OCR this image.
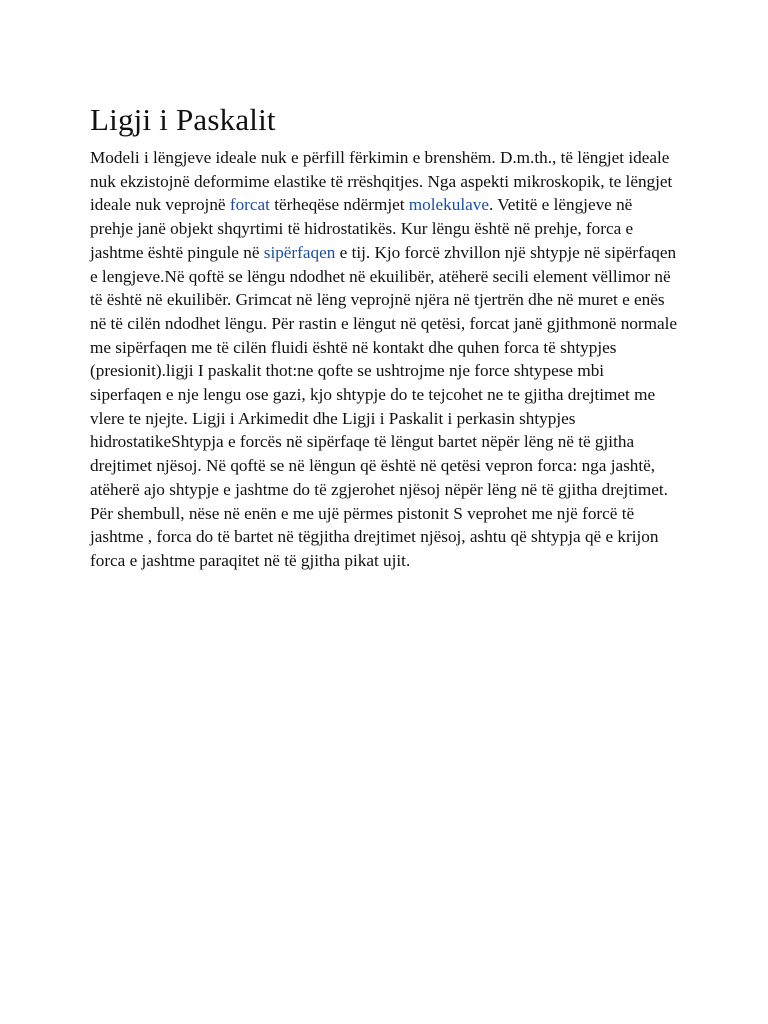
Ligji i Paskalit

Modeli i lëngjeve ideale nuk e përfill fërkimin e brenshëm. D.m.th., të lëngjet ideale nuk ekzistojnë deformime elastike të rrëshqitjes. Nga aspekti mikroskopik, te lëngjet ideale nuk veprojnë forcat tërheqëse ndërmjet molekulave. Vetitë e lëngjeve në prehje janë objekt shqyrtimi të hidrostatikës. Kur lëngu është në prehje, forca e jashtme është pingule në sipërfaqen e tij. Kjo forcë zhvillon një shtypje në sipërfaqen e lengjeve.Në qoftë se lëngu ndodhet në ekuilibër, atëherë secili element vëllimor në të është në ekuilibër. Grimcat në lëng veprojnë njëra në tjertrën dhe në muret e enës në të cilën ndodhet lëngu. Për rastin e lëngut në qetësi, forcat janë gjithmonë normale me sipërfaqen me të cilën fluidi është në kontakt dhe quhen forca të shtypjes (presionit).ligji I paskalit thot:ne qofte se ushtrojme nje force shtypese mbi siperfaqen e nje lengu ose gazi, kjo shtypje do te tejcohet ne te gjitha drejtimet me vlere te njejte. Ligji i Arkimedit dhe Ligji i Paskalit i perkasin shtypjes hidrostatikeShtypja e forcës në sipërfaqe të lëngut bartet nëpër lëng në të gjitha drejtimet njësoj. Në qoftë se në lëngun që është në qetësi vepron forca: nga jashtë, atëherë ajo shtypje e jashtme do të zgjerohet njësoj nëpër lëng në të gjitha drejtimet. Për shembull, nëse në enën e me ujë përmes pistonit S veprohet me një forcë të jashtme , forca do të bartet në tëgjitha drejtimet njësoj, ashtu që shtypja që e krijon forca e jashtme paraqitet në të gjitha pikat ujit.
